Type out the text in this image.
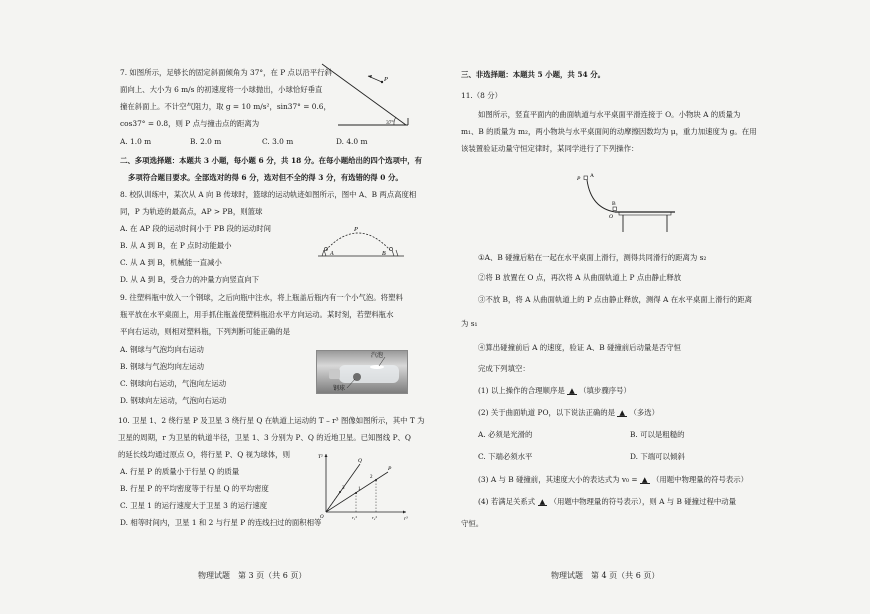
7. 如图所示，足够长的固定斜面倾角为 37°，在 P 点以沿平行斜
面向上、大小为 6 m/s 的初速度将一小球抛出，小球恰好垂直
撞在斜面上。不计空气阻力，取 g = 10 m/s²，sin37° = 0.6，
cos37° = 0.8，则 P 点与撞击点的距离为
A. 1.0 m	B. 2.0 m	C. 3.0 m	D. 4.0 m
P
37°
二、多项选择题：本题共 3 小题，每小题 6 分，共 18 分。在每小题给出的四个选项中，有
多项符合题目要求。全部选对的得 6 分，选对但不全的得 3 分，有选错的得 0 分。
8. 校队训练中，某次从 A 向 B 传球时，篮球的运动轨迹如图所示，图中 A、B 两点高度相
同，P 为轨迹的最高点，AP > PB，则篮球
A. 在 AP 段的运动时间小于 PB 段的运动时间
B. 从 A 到 B，在 P 点时动能最小
C. 从 A 到 B，机械能一直减小
D. 从 A 到 B，受合力的冲量方向竖直向下
P
A	B
9. 往塑料瓶中放入一个钢球，之后向瓶中注水，将上瓶盖后瓶内有一个小气泡。将塑料
瓶平放在水平桌面上，用手抓住瓶盖使塑料瓶沿水平方向运动。某时刻，若塑料瓶水
平向右运动，则相对塑料瓶，下列判断可能正确的是
A. 钢球与气泡均向右运动
B. 钢球与气泡均向左运动
C. 钢球向右运动，气泡向左运动
D. 钢球向左运动，气泡向右运动
汽泡
钢球
10. 卫星 1、2 绕行星 P 及卫星 3 绕行星 Q 在轨道上运动的 T – r³ 图像如图所示，其中 T 为
卫星的周期，r 为卫星的轨道半径，卫星 1、3 分别为 P、Q 的近地卫星。已知图线 P、Q
的延长线均通过原点 O，将行星 P、Q 视为球体，则
A. 行星 P 的质量小于行星 Q 的质量
B. 行星 P 的平均密度等于行星 Q 的平均密度
C. 卫星 1 的运行速度大于卫星 3 的运行速度
D. 相等时间内，卫星 1 和 2 与行星 P 的连线扫过的面积相等
T²
Q
P
1
2
3
O	r³
r₁³	r₂³
物理试题　第 3 页（共 6 页）
三、非选择题：本题共 5 小题，共 54 分。
11.（8 分）
如图所示，竖直平面内的曲面轨道与水平桌面平滑连接于 O。小物块 A 的质量为
m₁、B 的质量为 m₂，两小物块与水平桌面间的动摩擦因数均为 μ，重力加速度为 g。在用
该装置验证动量守恒定律时，某同学进行了下列操作：
P A
B
O
①A、B 碰撞后粘在一起在水平桌面上滑行，测得共同滑行的距离为 s₂
②将 B 放置在 O 点，再次将 A 从曲面轨道上 P 点由静止释放
③不放 B，将 A 从曲面轨道上的 P 点由静止释放，测得 A 在水平桌面上滑行的距离
为 s₁
④算出碰撞前后 A 的速度，验证 A、B 碰撞前后动量是否守恒
完成下列填空：
(1) 以上操作的合理顺序是 ▲ （填步骤序号）
(2) 关于曲面轨道 PO，以下说法正确的是 ▲ （多选）
A. 必须是光滑的	B. 可以是粗糙的
C. 下端必须水平	D. 下端可以倾斜
(3) A 与 B 碰撞前，其速度大小的表达式为 v₀ = ▲ （用题中物理量的符号表示）
(4) 若满足关系式 ▲ （用题中物理量的符号表示），则 A 与 B 碰撞过程中动量
守恒。
物理试题　第 4 页（共 6 页）
